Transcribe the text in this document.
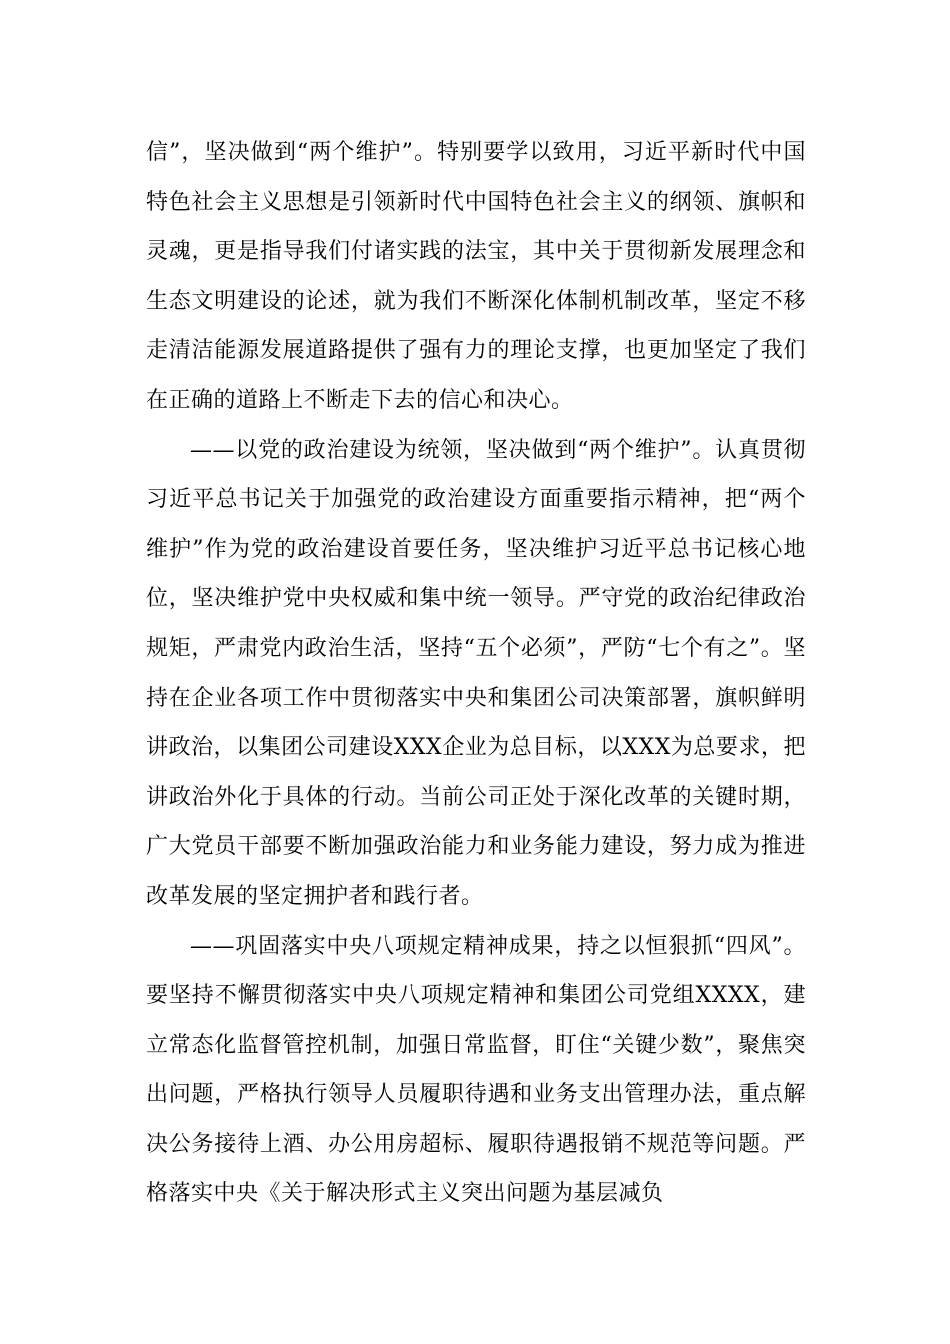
信”，坚决做到“两个维护”。特别要学以致用，习近平新时代中国特色社会主义思想是引领新时代中国特色社会主义的纲领、旗帜和灵魂，更是指导我们付诸实践的法宝，其中关于贯彻新发展理念和生态文明建设的论述，就为我们不断深化体制机制改革，坚定不移走清洁能源发展道路提供了强有力的理论支撑，也更加坚定了我们在正确的道路上不断走下去的信心和决心。

——以党的政治建设为统领，坚决做到“两个维护”。认真贯彻习近平总书记关于加强党的政治建设方面重要指示精神，把“两个维护”作为党的政治建设首要任务，坚决维护习近平总书记核心地位，坚决维护党中央权威和集中统一领导。严守党的政治纪律政治规矩，严肃党内政治生活，坚持“五个必须”，严防“七个有之”。坚持在企业各项工作中贯彻落实中央和集团公司决策部署，旗帜鲜明讲政治，以集团公司建设XXX企业为总目标，以XXX为总要求，把讲政治外化于具体的行动。当前公司正处于深化改革的关键时期，广大党员干部要不断加强政治能力和业务能力建设，努力成为推进改革发展的坚定拥护者和践行者。

——巩固落实中央八项规定精神成果，持之以恒狠抓“四风”。要坚持不懈贯彻落实中央八项规定精神和集团公司党组XXXX，建立常态化监督管控机制，加强日常监督，盯住“关键少数”，聚焦突出问题，严格执行领导人员履职待遇和业务支出管理办法，重点解决公务接待上酒、办公用房超标、履职待遇报销不规范等问题。严格落实中央《关于解决形式主义突出问题为基层减负
